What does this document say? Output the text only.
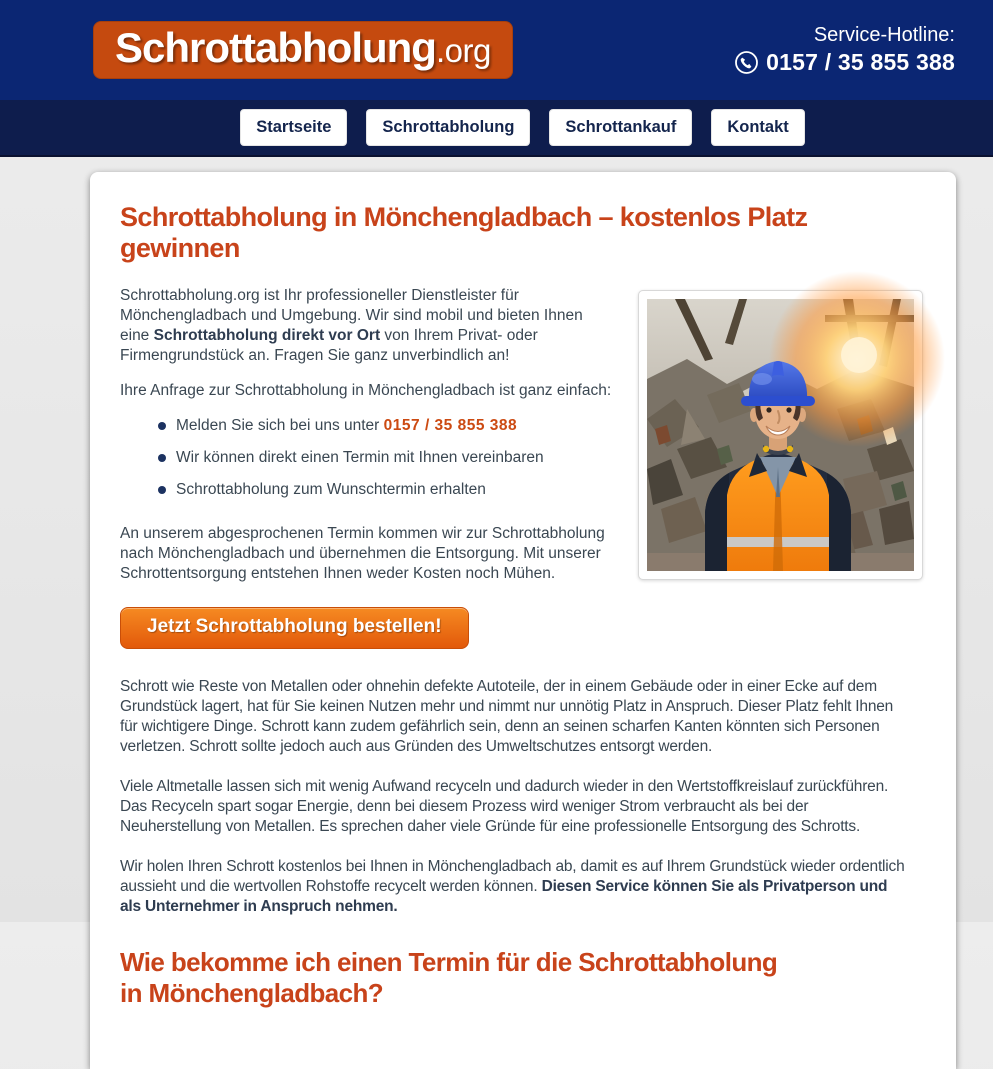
Schrottabholung.org	Service-Hotline:
0157 / 35 855 388
Startseite	Schrottabholung	Schrottankauf	Kontakt
Schrottabholung in Mönchengladbach – kostenlos Platz gewinnen

Schrottabholung.org ist Ihr professioneller Dienstleister für Mönchengladbach und Umgebung. Wir sind mobil und bieten Ihnen eine Schrottabholung direkt vor Ort von Ihrem Privat- oder Firmengrundstück an. Fragen Sie ganz unverbindlich an!

Ihre Anfrage zur Schrottabholung in Mönchengladbach ist ganz einfach:

Melden Sie sich bei uns unter 0157 / 35 855 388
Wir können direkt einen Termin mit Ihnen vereinbaren
Schrottabholung zum Wunschtermin erhalten

An unserem abgesprochenen Termin kommen wir zur Schrottabholung nach Mönchengladbach und übernehmen die Entsorgung. Mit unserer Schrottentsorgung entstehen Ihnen weder Kosten noch Mühen.

Jetzt Schrottabholung bestellen!

Schrott wie Reste von Metallen oder ohnehin defekte Autoteile, der in einem Gebäude oder in einer Ecke auf dem Grundstück lagert, hat für Sie keinen Nutzen mehr und nimmt nur unnötig Platz in Anspruch. Dieser Platz fehlt Ihnen für wichtigere Dinge. Schrott kann zudem gefährlich sein, denn an seinen scharfen Kanten könnten sich Personen verletzen. Schrott sollte jedoch auch aus Gründen des Umweltschutzes entsorgt werden.

Viele Altmetalle lassen sich mit wenig Aufwand recyceln und dadurch wieder in den Wertstoffkreislauf zurückführen. Das Recyceln spart sogar Energie, denn bei diesem Prozess wird weniger Strom verbraucht als bei der Neuherstellung von Metallen. Es sprechen daher viele Gründe für eine professionelle Entsorgung des Schrotts.

Wir holen Ihren Schrott kostenlos bei Ihnen in Mönchengladbach ab, damit es auf Ihrem Grundstück wieder ordentlich aussieht und die wertvollen Rohstoffe recycelt werden können. Diesen Service können Sie als Privatperson und als Unternehmer in Anspruch nehmen.

Wie bekomme ich einen Termin für die Schrottabholung in Mönchengladbach?
